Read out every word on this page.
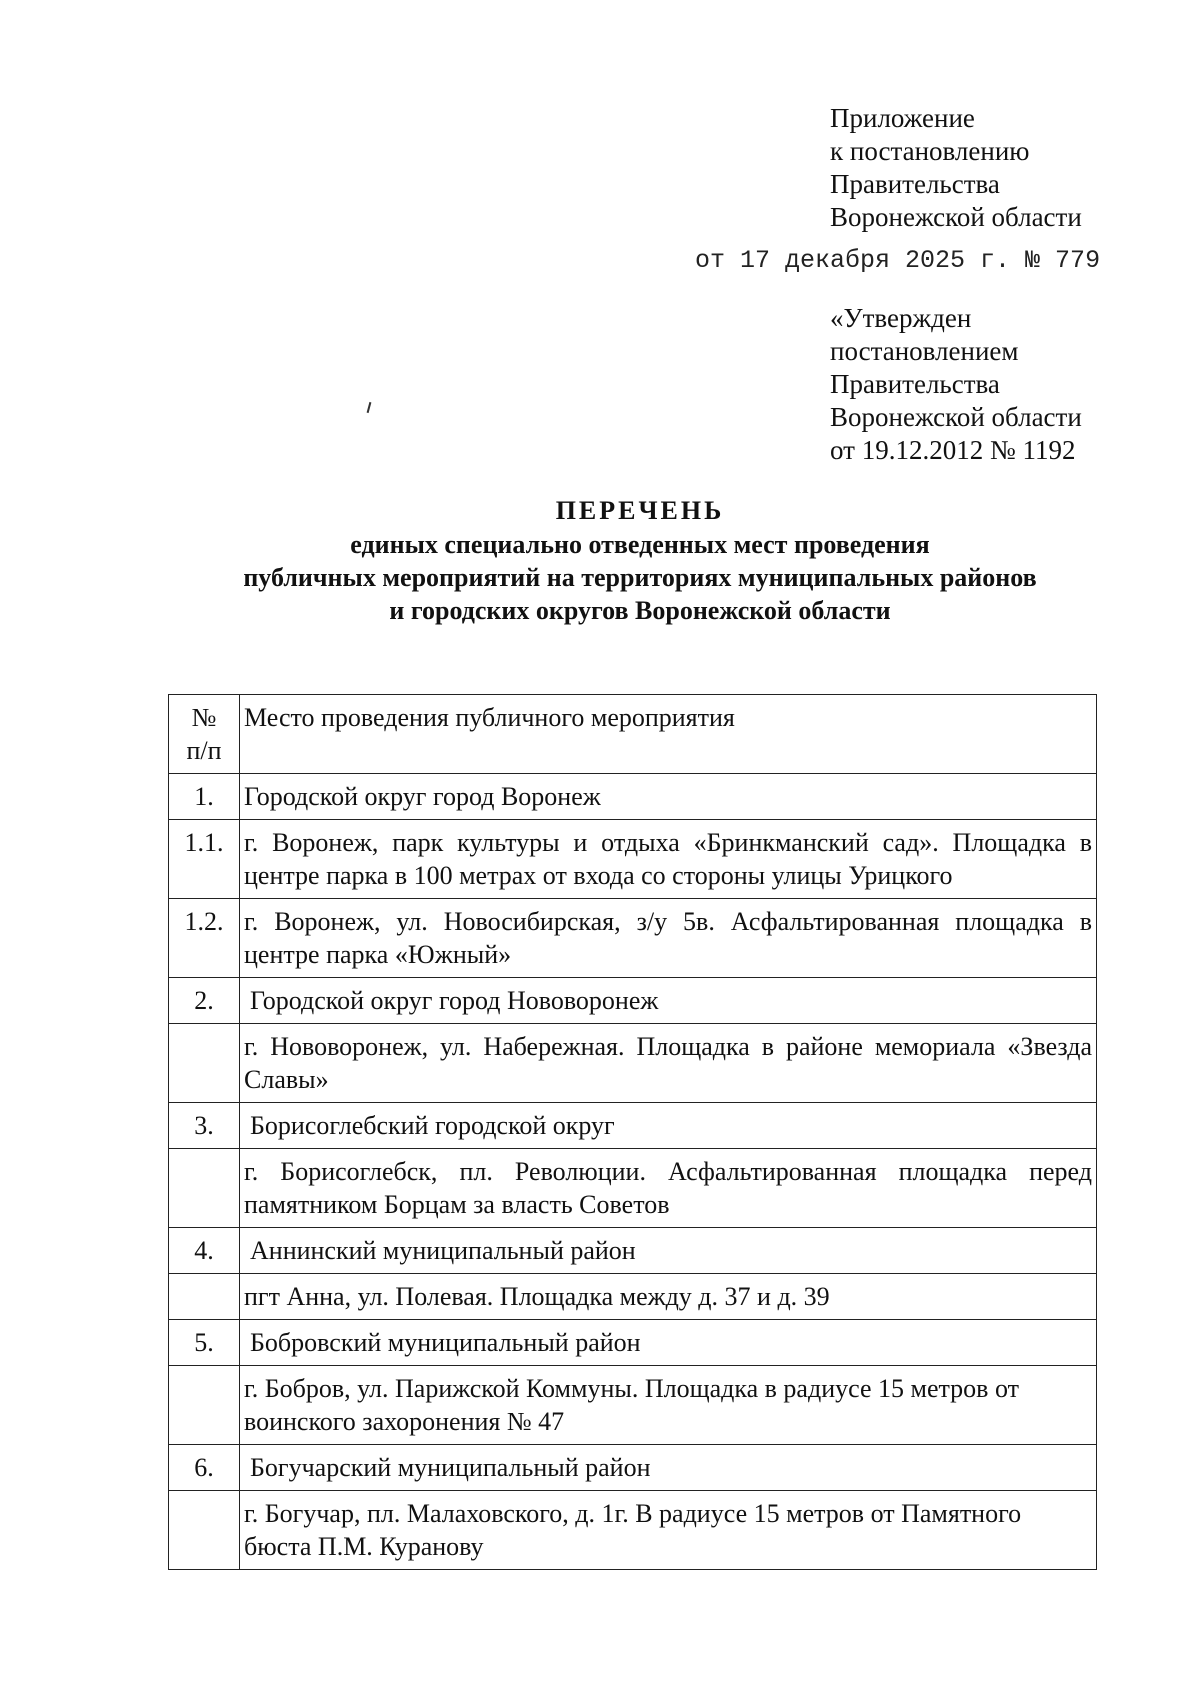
Приложение
к постановлению
Правительства
Воронежской области
от 17 декабря 2025 г. № 779
«Утвержден
постановлением
Правительства
Воронежской области
от 19.12.2012 № 1192
ПЕРЕЧЕНЬ
единых специально отведенных мест проведения
публичных мероприятий на территориях муниципальных районов
и городских округов Воронежской области
№
п/п	Место проведения публичного мероприятия

1.	Городской округ город Воронеж

1.1.	г. Воронеж, парк культуры и отдыха «Бринкманский сад». Площадка в центре парка в 100 метрах от входа со стороны улицы Урицкого

1.2.	г. Воронеж, ул. Новосибирская, з/у 5в. Асфальтированная площадка в центре парка «Южный»

2.	Городской округ город Нововоронеж

	г. Нововоронеж, ул. Набережная. Площадка в районе мемориала «Звезда Славы»

3.	Борисоглебский городской округ

	г. Борисоглебск, пл. Революции. Асфальтированная площадка перед памятником Борцам за власть Советов

4.	Аннинский муниципальный район

	пгт Анна, ул. Полевая. Площадка между д. 37 и д. 39

5.	Бобровский муниципальный район

	г. Бобров, ул. Парижской Коммуны. Площадка в радиусе 15 метров от воинского захоронения № 47

6.	Богучарский муниципальный район

	г. Богучар, пл. Малаховского, д. 1г. В радиусе 15 метров от Памятного бюста П.М. Куранову
